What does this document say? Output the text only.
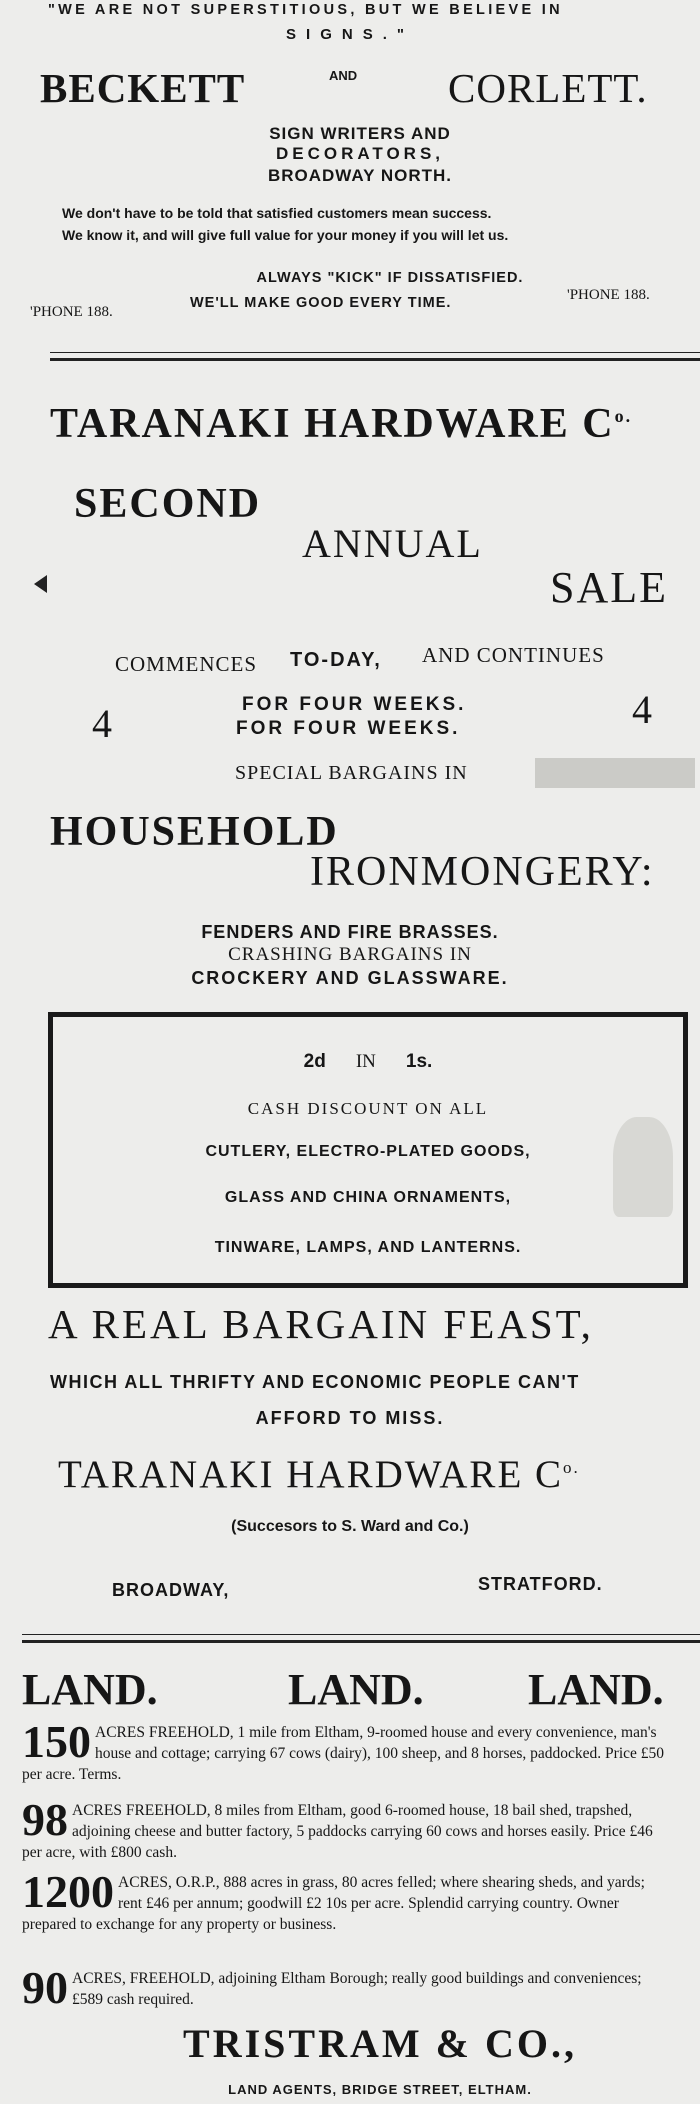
"WE ARE NOT SUPERSTITIOUS, BUT WE BELIEVE IN
SIGNS."
BECKETT	AND CORLETT.
SIGN WRITERS AND
DECORATORS,
BROADWAY NORTH.
We don't have to be told that satisfied customers mean success.
We know it, and will give full value for your money if you will let us.
ALWAYS "KICK" IF DISSATISFIED.
'PHONE 188.
WE'LL MAKE GOOD EVERY TIME.	'PHONE 188.
TARANAKI HARDWARE $C^{o.}$
SECOND
ANNUAL
SALE
COMMENCES TO-DAY, AND CONTINUES
4	4
FOR FOUR WEEKS.
FOR FOUR WEEKS.
SPECIAL BARGAINS IN
HOUSEHOLD
IRONMONGERY:
FENDERS AND FIRE BRASSES.
CRASHING BARGAINS IN
CROCKERY AND GLASSWARE.
2d IN 1s.
CASH DISCOUNT ON ALL
CUTLERY, ELECTRO-PLATED GOODS,
GLASS AND CHINA ORNAMENTS,
TINWARE, LAMPS, AND LANTERNS.
A REAL BARGAIN FEAST,
WHICH ALL THRIFTY AND ECONOMIC PEOPLE CAN'T
AFFORD TO MISS.
TARANAKI HARDWARE $C^{o.}$
(Succesors to S. Ward and Co.)
BROADWAY,	STRATFORD.
LAND.	LAND. LAND.
150 ACRES FREEHOLD, 1 mile from Eltham, 9-roomed house and every convenience, man's house and cottage; carrying 67 cows (dairy), 100 sheep, and 8 horses, paddocked. Price £50 per acre. Terms.
98 ACRES FREEHOLD, 8 miles from Eltham, good 6-roomed house, 18 bail shed, trapshed, adjoining cheese and butter factory, 5 paddocks carrying 60 cows and horses easily. Price £46 per acre, with £800 cash.
1200 ACRES, O.R.P., 888 acres in grass, 80 acres felled; where shearing sheds, and yards; rent £46 per annum; goodwill £2 10s per acre. Splendid carrying country. Owner prepared to exchange for any property or business.
90 ACRES, FREEHOLD, adjoining Eltham Borough; really good buildings and conveniences; £589 cash required.
TRISTRAM & CO.,
LAND AGENTS, BRIDGE STREET, ELTHAM.
